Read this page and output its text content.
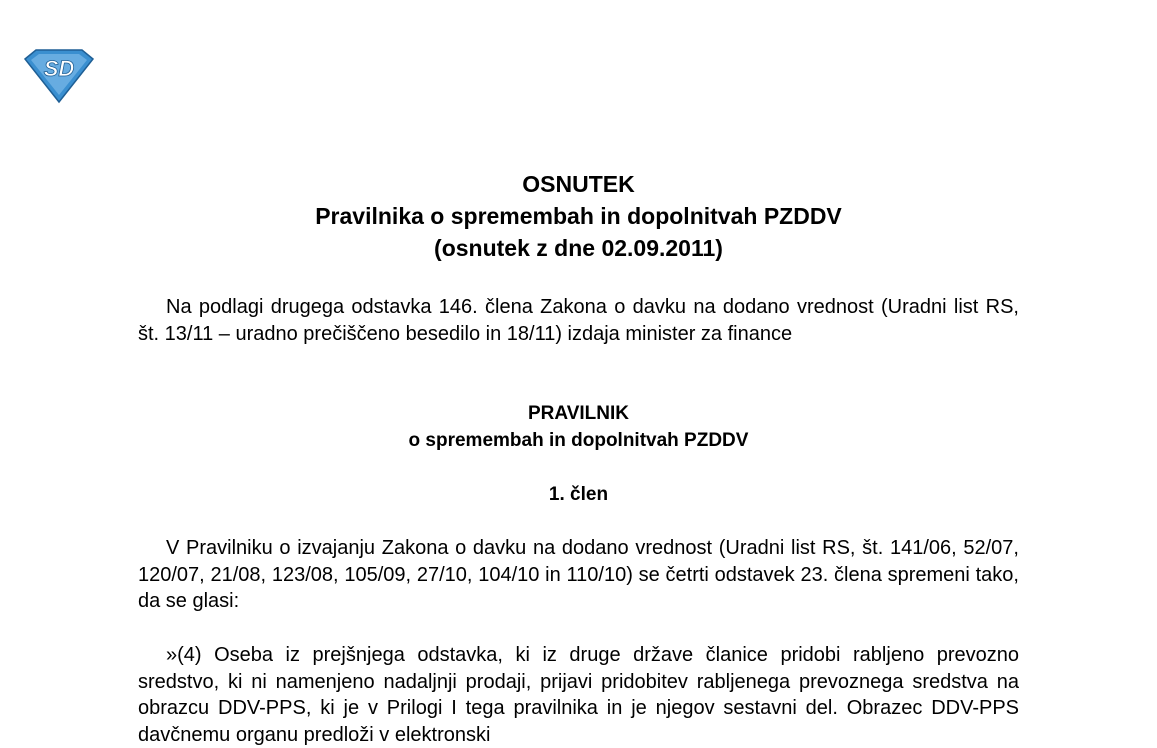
SD

OSNUTEK

Pravilnika o spremembah in dopolnitvah PZDDV

(osnutek z dne 02.09.2011)

Na podlagi drugega odstavka 146. člena Zakona o davku na dodano vrednost (Uradni list RS, št. 13/11 – uradno prečiščeno besedilo in 18/11) izdaja minister za finance

PRAVILNIK

o spremembah in dopolnitvah PZDDV

1. člen

V Pravilniku o izvajanju Zakona o davku na dodano vrednost (Uradni list RS, št. 141/06, 52/07, 120/07, 21/08, 123/08, 105/09, 27/10, 104/10 in 110/10) se četrti odstavek 23. člena spremeni tako, da se glasi:

»(4) Oseba iz prejšnjega odstavka, ki iz druge države članice pridobi rabljeno prevozno sredstvo, ki ni namenjeno nadaljnji prodaji, prijavi pridobitev rabljenega prevoznega sredstva na obrazcu DDV-PPS, ki je v Prilogi I tega pravilnika in je njegov sestavni del. Obrazec DDV-PPS davčnemu organu predloži v elektronski
